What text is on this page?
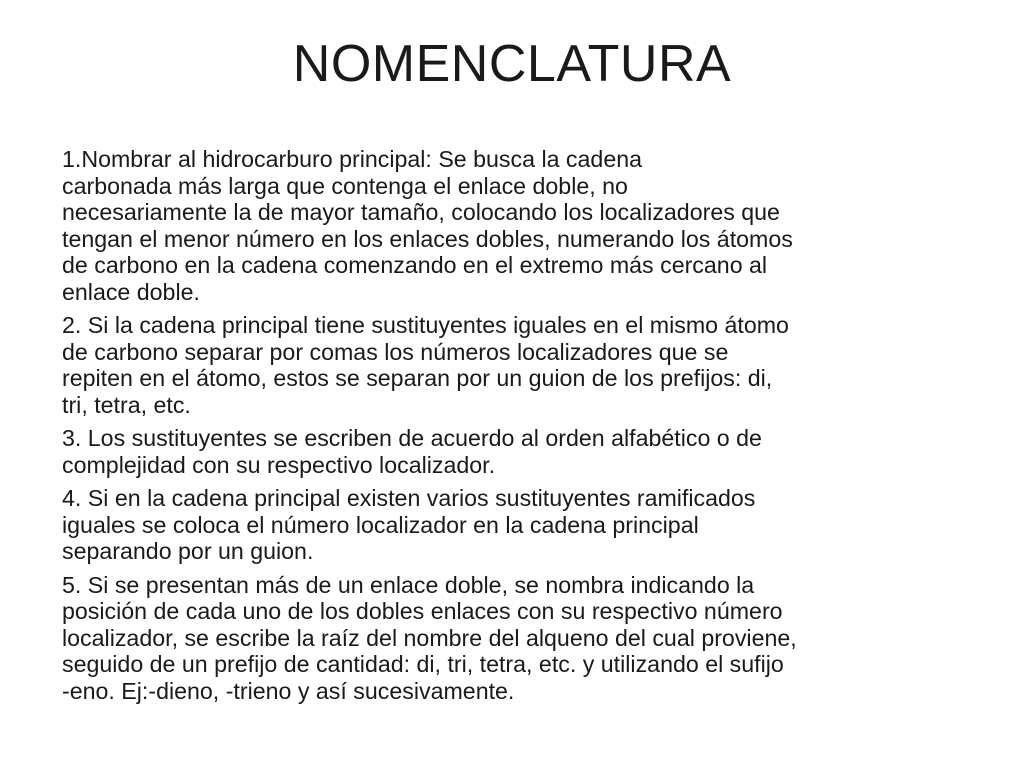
NOMENCLATURA

1.Nombrar al hidrocarburo principal: Se busca la cadena
carbonada más larga que contenga el enlace doble, no
necesariamente la de mayor tamaño, colocando los localizadores que
tengan el menor número en los enlaces dobles, numerando los átomos
de carbono en la cadena comenzando en el extremo más cercano al
enlace doble.

2. Si la cadena principal tiene sustituyentes iguales en el mismo átomo
de carbono separar por comas los números localizadores que se
repiten en el átomo, estos se separan por un guion de los prefijos: di,
tri, tetra, etc.

3. Los sustituyentes se escriben de acuerdo al orden alfabético o de
complejidad con su respectivo localizador.

4. Si en la cadena principal existen varios sustituyentes ramificados
iguales se coloca el número localizador en la cadena principal
separando por un guion.

5. Si se presentan más de un enlace doble, se nombra indicando la
posición de cada uno de los dobles enlaces con su respectivo número
localizador, se escribe la raíz del nombre del alqueno del cual proviene,
seguido de un prefijo de cantidad: di, tri, tetra, etc. y utilizando el sufijo
-eno. Ej:-dieno, -trieno y así sucesivamente.
